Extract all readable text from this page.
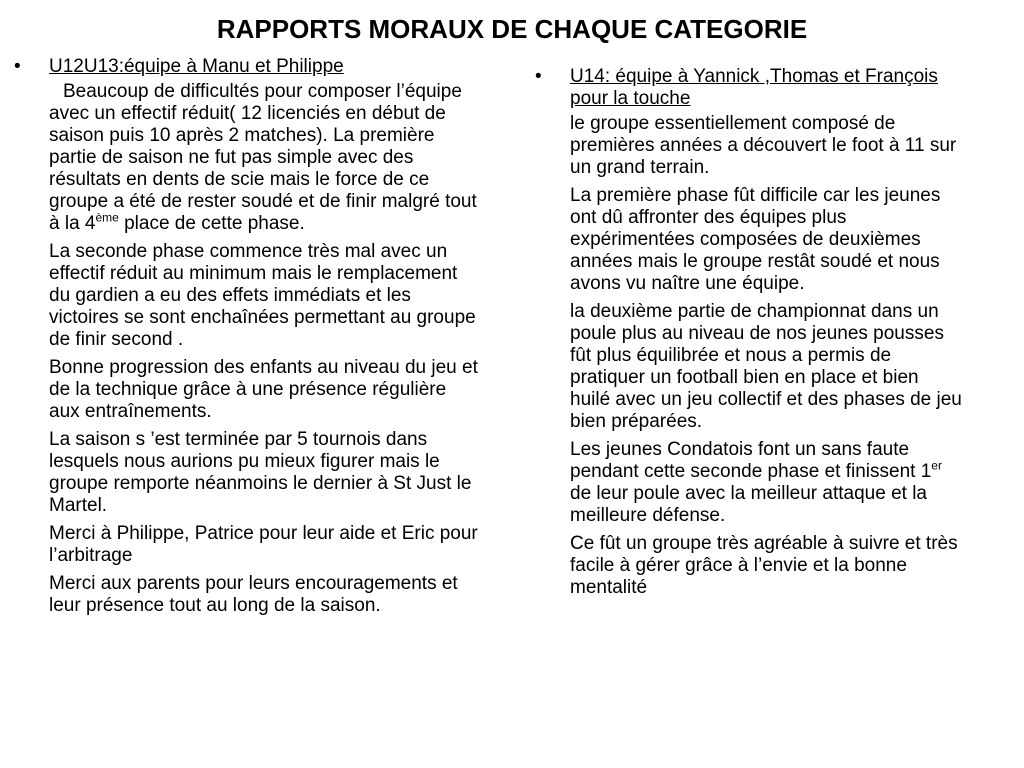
RAPPORTS MORAUX DE CHAQUE CATEGORIE
• U12U13:équipe à Manu et Philippe
Beaucoup de difficultés pour composer l’équipe avec un effectif réduit( 12 licenciés en début de saison puis 10 après 2 matches). La première partie de saison ne fut pas simple avec des résultats en dents de scie mais le force de ce groupe a été de rester soudé et de finir malgré tout à la 4ème place de cette phase.
La seconde phase commence très mal avec un effectif réduit au minimum mais le remplacement du gardien a eu des effets immédiats et les victoires se sont enchaînées permettant au groupe de finir second .
Bonne progression des enfants au niveau du jeu et de la technique grâce à une présence régulière aux entraînements.
La saison s ’est terminée par 5 tournois dans lesquels nous aurions pu mieux figurer mais le groupe remporte néanmoins le dernier à St Just le Martel.
Merci à Philippe, Patrice pour leur aide et Eric pour l’arbitrage
Merci aux parents pour leurs encouragements et leur présence tout au long de la saison.
• U14: équipe à Yannick ,Thomas et François pour la touche
le groupe essentiellement composé de premières années a découvert le foot à 11 sur un grand terrain.
La première phase fût difficile car les jeunes ont dû affronter des équipes plus expérimentées composées de deuxièmes années mais le groupe restât soudé et nous avons vu naître une équipe.
la deuxième partie de championnat dans un poule plus au niveau de nos jeunes pousses fût plus équilibrée et nous a permis de pratiquer un football bien en place et bien huilé avec un jeu collectif et des phases de jeu bien préparées.
Les jeunes Condatois font un sans faute pendant cette seconde phase et finissent 1er de leur poule avec la meilleur attaque et la meilleure défense.
Ce fût un groupe très agréable à suivre et très facile à gérer grâce à l’envie et la bonne mentalité
